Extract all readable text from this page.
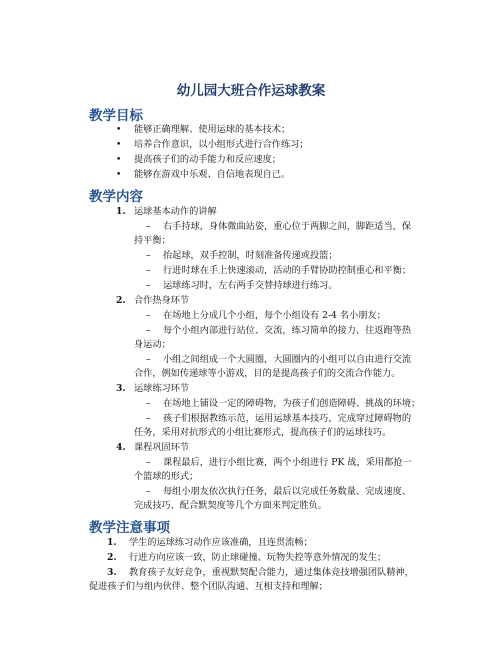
幼儿园大班合作运球教案
教学目标
• 能够正确理解、使用运球的基本技术；
• 培养合作意识，以小组形式进行合作练习；
• 提高孩子们的动手能力和反应速度；
• 能够在游戏中乐观、自信地表现自己。
教学内容
1. 运球基本动作的讲解
– 右手持球，身体微曲站姿，重心位于两脚之间，脚距适当，保
持平衡；
– 抬起球，双手控制，时刻准备传递或投篮；
– 行进时球在手上快速滚动，活动的手臂协助控制重心和平衡；
– 运球练习时，左右两手交替持球进行练习。
2. 合作热身环节
– 在场地上分成几个小组，每个小组设有 2-4 名小朋友；
– 每个小组内部进行站位、交流，练习简单的接力、往返跑等热
身运动；
– 小组之间组成一个大圆圈，大圆圈内的小组可以自由进行交流
合作，例如传递球等小游戏，目的是提高孩子们的交流合作能力。
3. 运球练习环节
– 在场地上铺设一定的障碍物，为孩子们创造障碍、挑战的环境；
– 孩子们根据教练示范，运用运球基本技巧，完成穿过障碍物的
任务，采用对抗形式的小组比赛形式，提高孩子们的运球技巧。
4. 课程巩固环节
– 课程最后，进行小组比赛，两个小组进行 PK 战，采用都抢一
个篮球的形式；
– 每组小朋友依次执行任务，最后以完成任务数量、完成速度、
完成技巧、配合默契度等几个方面来判定胜负。
教学注意事项
1. 学生的运球练习动作应该准确，且连贯流畅；
2. 行进方向应该一致，防止球碰撞、玩物失控等意外情况的发生；
3. 教育孩子友好竞争，重视默契配合能力，通过集体竞技增强团队精神，
促进孩子们与组内伙伴、整个团队沟通、互相支持和理解；
